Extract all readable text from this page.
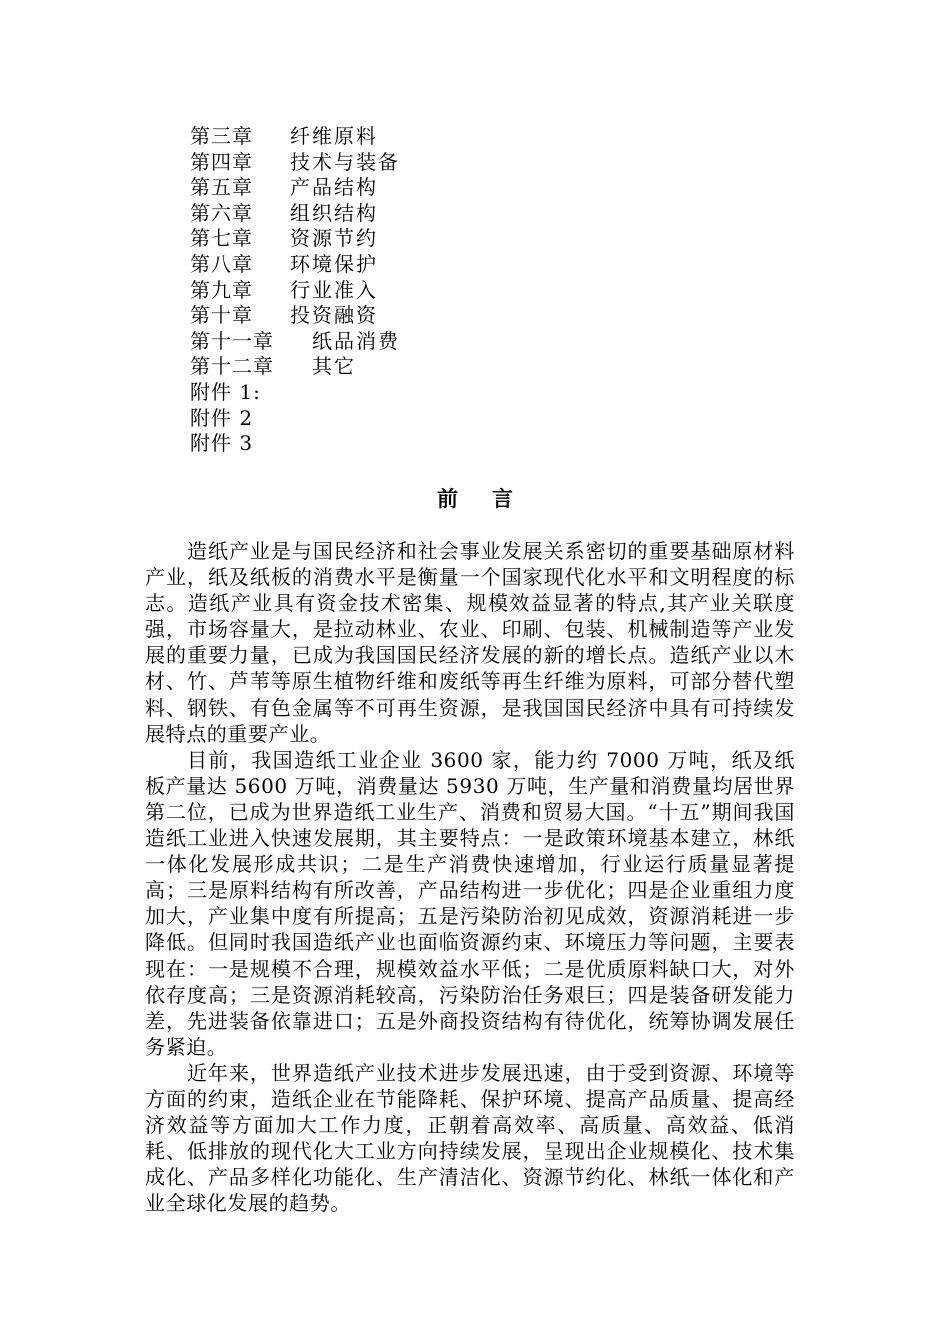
第三章	纤维原料
第四章	技术与装备
第五章	产品结构
第六章	组织结构
第七章	资源节约
第八章	环境保护
第九章	行业准入
第十章	投资融资
第十一章	纸品消费
第十二章	其它
附件 1:
附件 2
附件 3
前言

造纸产业是与国民经济和社会事业发展关系密切的重要基础原材料产业，纸及纸板的消费水平是衡量一个国家现代化水平和文明程度的标志。造纸产业具有资金技术密集、规模效益显著的特点,其产业关联度强，市场容量大，是拉动林业、农业、印刷、包装、机械制造等产业发展的重要力量，已成为我国国民经济发展的新的增长点。造纸产业以木材、竹、芦苇等原生植物纤维和废纸等再生纤维为原料，可部分替代塑料、钢铁、有色金属等不可再生资源，是我国国民经济中具有可持续发展特点的重要产业。

目前，我国造纸工业企业 3600 家，能力约 7000 万吨，纸及纸板产量达 5600 万吨，消费量达 5930 万吨，生产量和消费量均居世界第二位，已成为世界造纸工业生产、消费和贸易大国。“十五”期间我国造纸工业进入快速发展期，其主要特点：一是政策环境基本建立，林纸一体化发展形成共识；二是生产消费快速增加，行业运行质量显著提高；三是原料结构有所改善，产品结构进一步优化；四是企业重组力度加大，产业集中度有所提高；五是污染防治初见成效，资源消耗进一步降低。但同时我国造纸产业也面临资源约束、环境压力等问题，主要表现在：一是规模不合理，规模效益水平低；二是优质原料缺口大，对外依存度高；三是资源消耗较高，污染防治任务艰巨；四是装备研发能力差，先进装备依靠进口；五是外商投资结构有待优化，统筹协调发展任务紧迫。

近年来，世界造纸产业技术进步发展迅速，由于受到资源、环境等方面的约束，造纸企业在节能降耗、保护环境、提高产品质量、提高经济效益等方面加大工作力度，正朝着高效率、高质量、高效益、低消耗、低排放的现代化大工业方向持续发展，呈现出企业规模化、技术集成化、产品多样化功能化、生产清洁化、资源节约化、林纸一体化和产业全球化发展的趋势。
